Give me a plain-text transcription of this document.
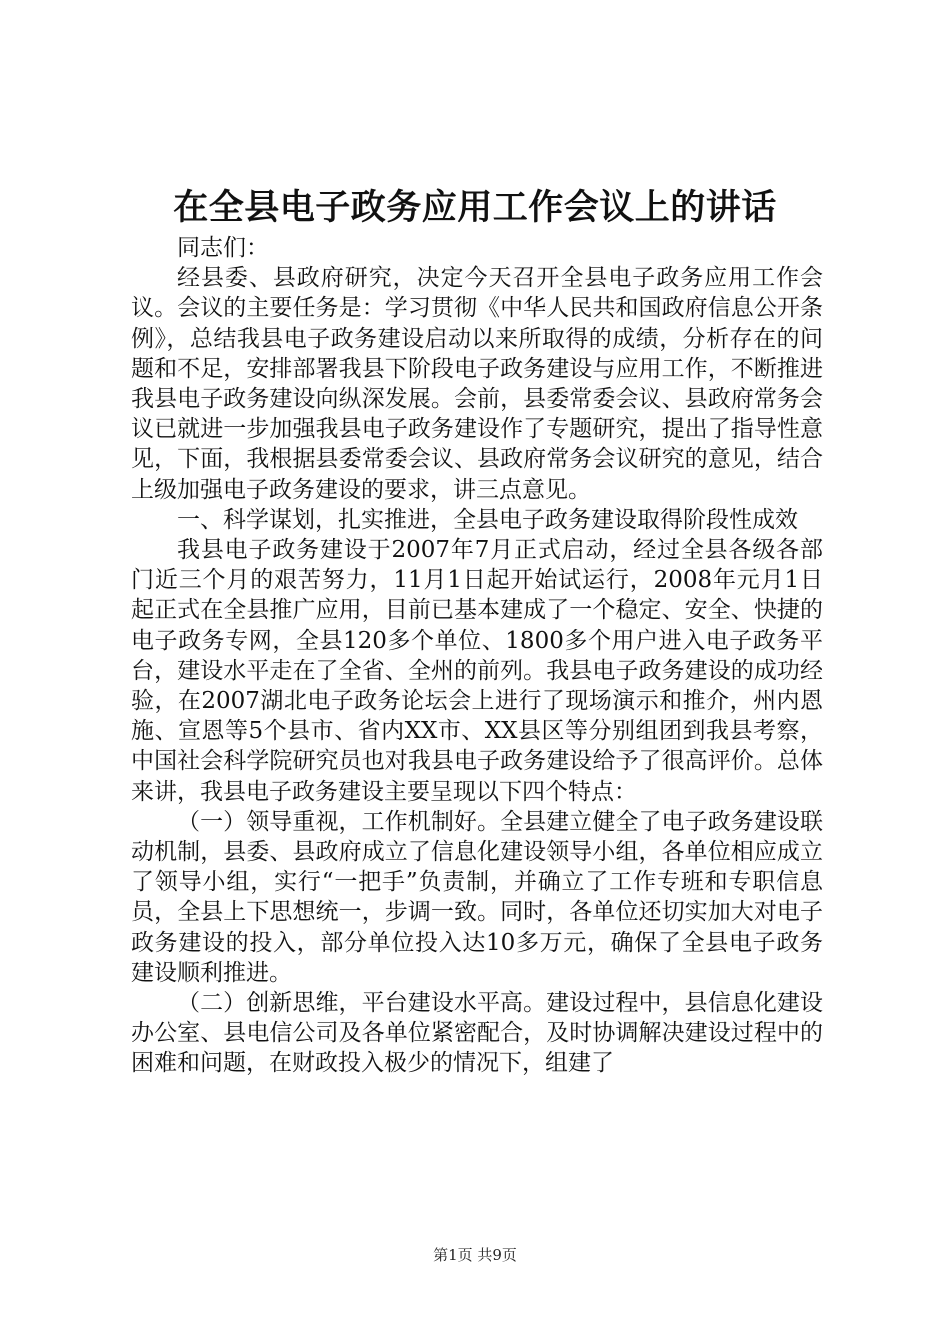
在全县电子政务应用工作会议上的讲话

同志们：

经县委、县政府研究，决定今天召开全县电子政务应用工作会议。会议的主要任务是：学习贯彻《中华人民共和国政府信息公开条例》，总结我县电子政务建设启动以来所取得的成绩，分析存在的问题和不足，安排部署我县下阶段电子政务建设与应用工作，不断推进我县电子政务建设向纵深发展。会前，县委常委会议、县政府常务会议已就进一步加强我县电子政务建设作了专题研究，提出了指导性意见，下面，我根据县委常委会议、县政府常务会议研究的意见，结合上级加强电子政务建设的要求，讲三点意见。

一、科学谋划，扎实推进，全县电子政务建设取得阶段性成效

我县电子政务建设于2007年7月正式启动，经过全县各级各部门近三个月的艰苦努力，11月1日起开始试运行，2008年元月1日起正式在全县推广应用，目前已基本建成了一个稳定、安全、快捷的电子政务专网，全县120多个单位、1800多个用户进入电子政务平台，建设水平走在了全省、全州的前列。我县电子政务建设的成功经验，在2007湖北电子政务论坛会上进行了现场演示和推介，州内恩施、宣恩等5个县市、省内XX市、XX县区等分别组团到我县考察，中国社会科学院研究员也对我县电子政务建设给予了很高评价。总体来讲，我县电子政务建设主要呈现以下四个特点：

（一）领导重视，工作机制好。全县建立健全了电子政务建设联动机制，县委、县政府成立了信息化建设领导小组，各单位相应成立了领导小组，实行“一把手”负责制，并确立了工作专班和专职信息员，全县上下思想统一，步调一致。同时，各单位还切实加大对电子政务建设的投入，部分单位投入达10多万元，确保了全县电子政务建设顺利推进。

（二）创新思维，平台建设水平高。建设过程中，县信息化建设办公室、县电信公司及各单位紧密配合，及时协调解决建设过程中的困难和问题，在财政投入极少的情况下，组建了

第1页 共9页
